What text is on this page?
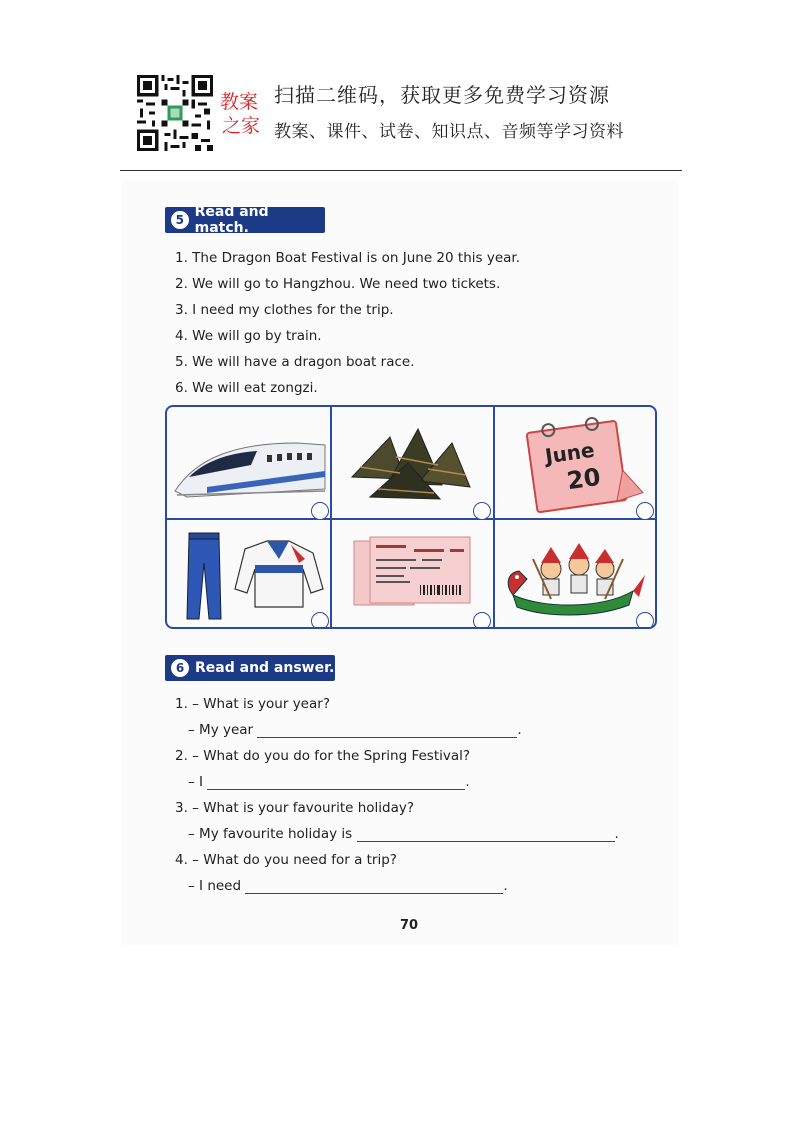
教案
之家
扫描二维码，获取更多免费学习资源
教案、课件、试卷、知识点、音频等学习资料
5 Read and match.
1. The Dragon Boat Festival is on June 20 this year.
2. We will go to Hangzhou. We need two tickets.
3. I need my clothes for the trip.
4. We will go by train.
5. We will have a dragon boat race.
6. We will eat zongzi.
June
20
6 Read and answer.
1. – What is your year?
– My year	.
2. – What do you do for the Spring Festival?
– I	.
3. – What is your favourite holiday?
– My favourite holiday is	.
4. – What do you need for a trip?
– I need	.
70
